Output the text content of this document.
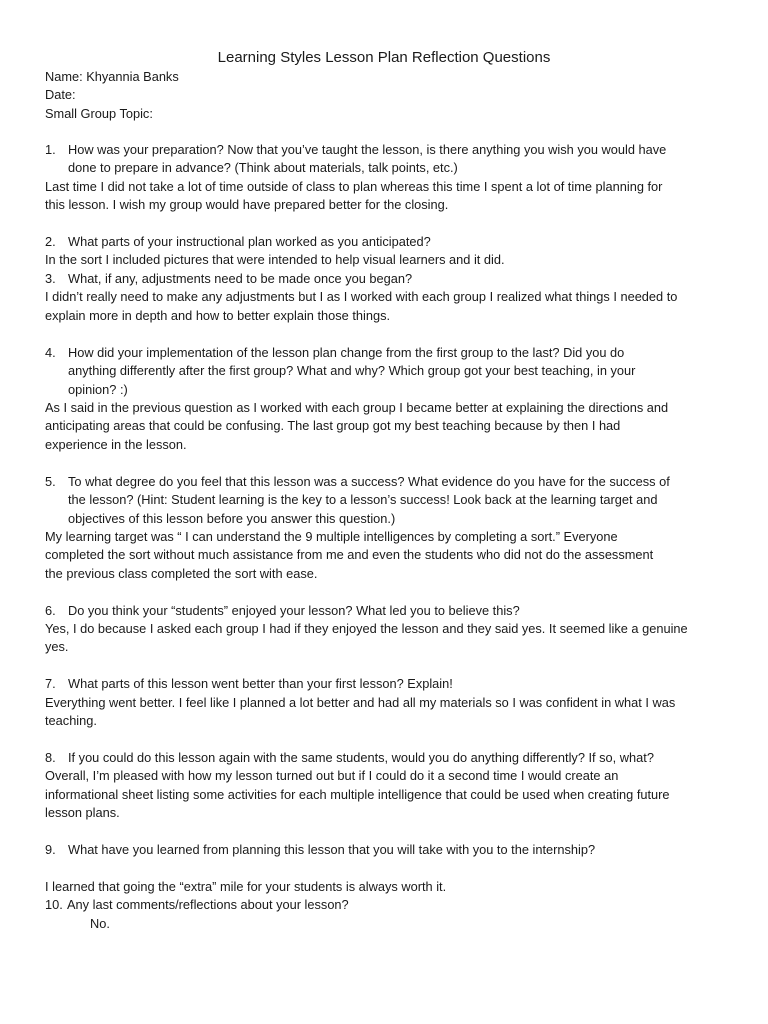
Learning Styles Lesson Plan Reflection Questions
Name: Khyannia Banks
Date:
Small Group Topic:
1. How was your preparation? Now that you’ve taught the lesson, is there anything you wish you would have
done to prepare in advance? (Think about materials, talk points, etc.)
Last time I did not take a lot of time outside of class to plan whereas this time I spent a lot of time planning for
this lesson. I wish my group would have prepared better for the closing.
2. What parts of your instructional plan worked as you anticipated?
In the sort I included pictures that were intended to help visual learners and it did.
3. What, if any, adjustments need to be made once you began?
I didn’t really need to make any adjustments but I as I worked with each group I realized what things I needed to
explain more in depth and how to better explain those things.
4. How did your implementation of the lesson plan change from the first group to the last? Did you do
anything differently after the first group? What and why? Which group got your best teaching, in your
opinion? :)
As I said in the previous question as I worked with each group I became better at explaining the directions and
anticipating areas that could be confusing. The last group got my best teaching because by then I had
experience in the lesson.
5. To what degree do you feel that this lesson was a success? What evidence do you have for the success of
the lesson? (Hint: Student learning is the key to a lesson’s success! Look back at the learning target and
objectives of this lesson before you answer this question.)
My learning target was “ I can understand the 9 multiple intelligences by completing a sort.” Everyone
completed the sort without much assistance from me and even the students who did not do the assessment
the previous class completed the sort with ease.
6. Do you think your “students” enjoyed your lesson? What led you to believe this?
Yes, I do because I asked each group I had if they enjoyed the lesson and they said yes. It seemed like a genuine
yes.
7. What parts of this lesson went better than your first lesson? Explain!
Everything went better. I feel like I planned a lot better and had all my materials so I was confident in what I was
teaching.
8. If you could do this lesson again with the same students, would you do anything differently? If so, what?
Overall, I’m pleased with how my lesson turned out but if I could do it a second time I would create an
informational sheet listing some activities for each multiple intelligence that could be used when creating future
lesson plans.
9. What have you learned from planning this lesson that you will take with you to the internship?
I learned that going the “extra” mile for your students is always worth it.
10. Any last comments/reflections about your lesson?
No.
